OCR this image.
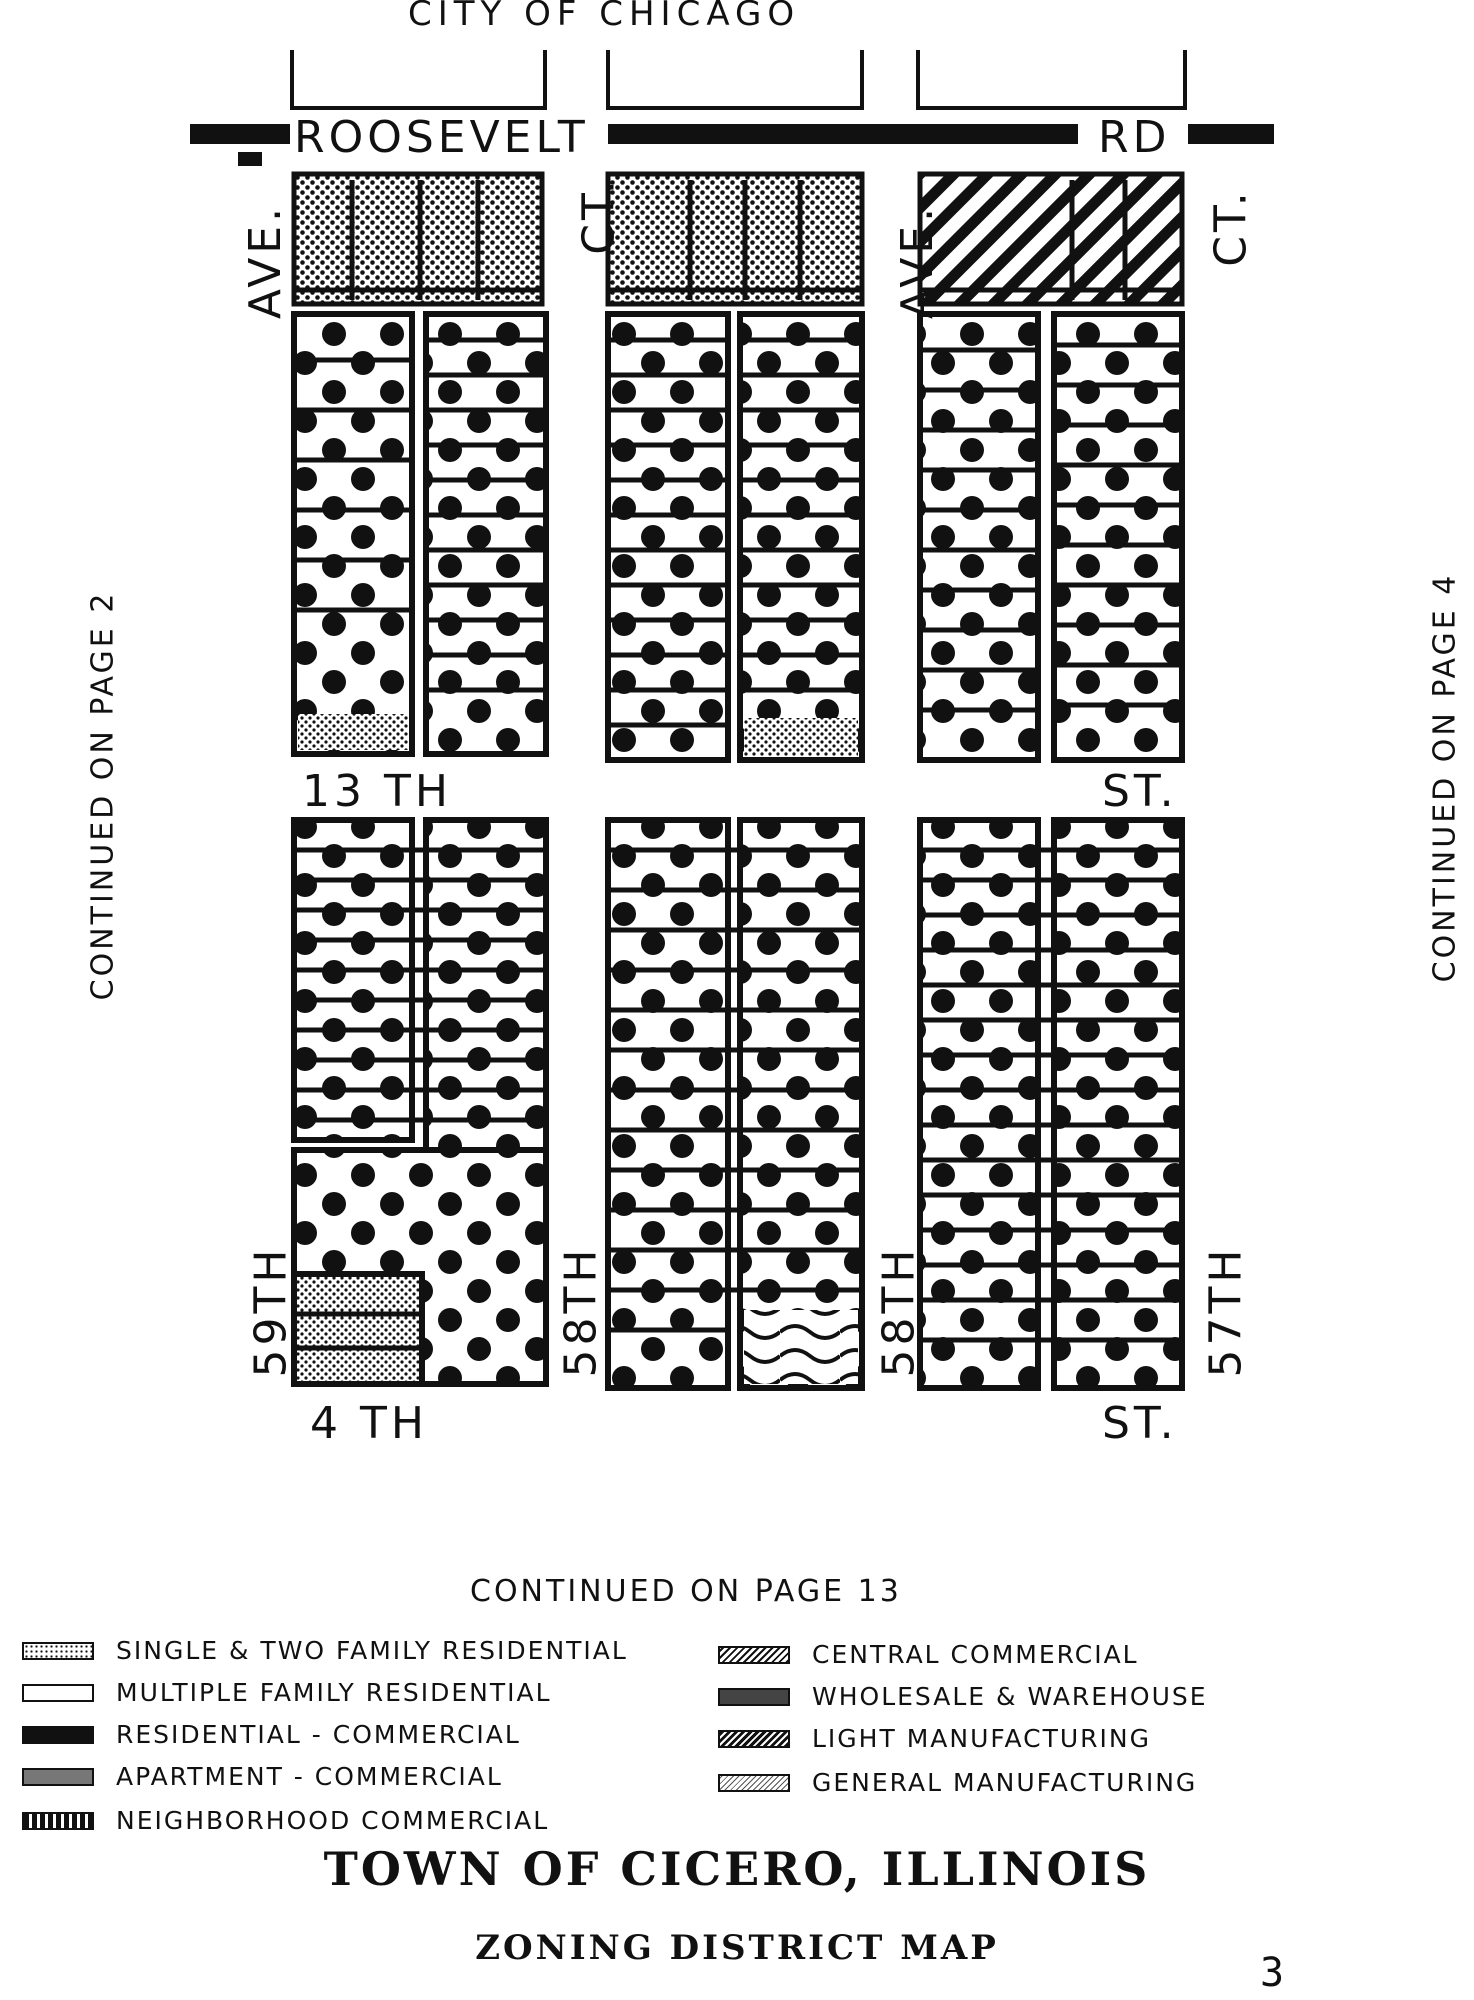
CITY OF CHICAGO
ROOSEVELT	RD
AVE.	CT.	AVE.	CT.
13 TH	ST.
4 TH	ST.
59TH	58TH	58TH	57TH
CONTINUED ON PAGE 2	CONTINUED ON PAGE 4
CONTINUED ON PAGE 13
SINGLE & TWO FAMILY RESIDENTIAL
MULTIPLE FAMILY RESIDENTIAL
RESIDENTIAL - COMMERCIAL
APARTMENT - COMMERCIAL
NEIGHBORHOOD COMMERCIAL
CENTRAL COMMERCIAL
WHOLESALE & WAREHOUSE
LIGHT MANUFACTURING
GENERAL MANUFACTURING
TOWN OF CICERO, ILLINOIS
ZONING DISTRICT MAP
3
